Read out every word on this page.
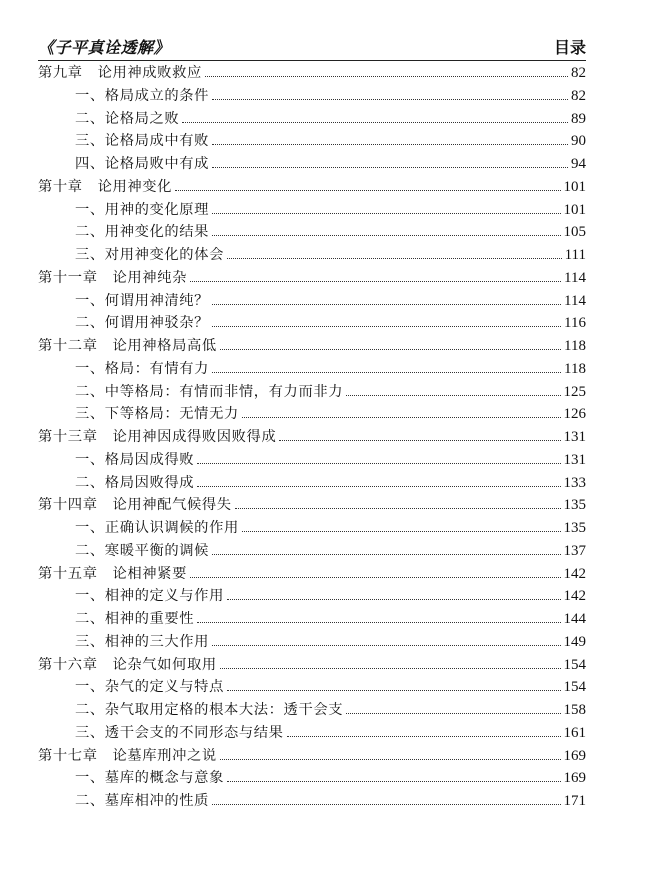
《子平真诠透解》	目录
第九章　论用神成败救应	82
一、格局成立的条件	82
二、论格局之败	89
三、论格局成中有败	90
四、论格局败中有成	94
第十章　论用神变化	101
一、用神的变化原理	101
二、用神变化的结果	105
三、对用神变化的体会	111
第十一章　论用神纯杂	114
一、何谓用神清纯？	114
二、何谓用神驳杂？	116
第十二章　论用神格局高低	118
一、格局：有情有力	118
二、中等格局：有情而非情，有力而非力	125
三、下等格局：无情无力	126
第十三章　论用神因成得败因败得成	131
一、格局因成得败	131
二、格局因败得成	133
第十四章　论用神配气候得失	135
一、正确认识调候的作用	135
二、寒暖平衡的调候	137
第十五章　论相神紧要	142
一、相神的定义与作用	142
二、相神的重要性	144
三、相神的三大作用	149
第十六章　论杂气如何取用	154
一、杂气的定义与特点	154
二、杂气取用定格的根本大法：透干会支	158
三、透干会支的不同形态与结果	161
第十七章　论墓库刑冲之说	169
一、墓库的概念与意象	169
二、墓库相冲的性质	171
